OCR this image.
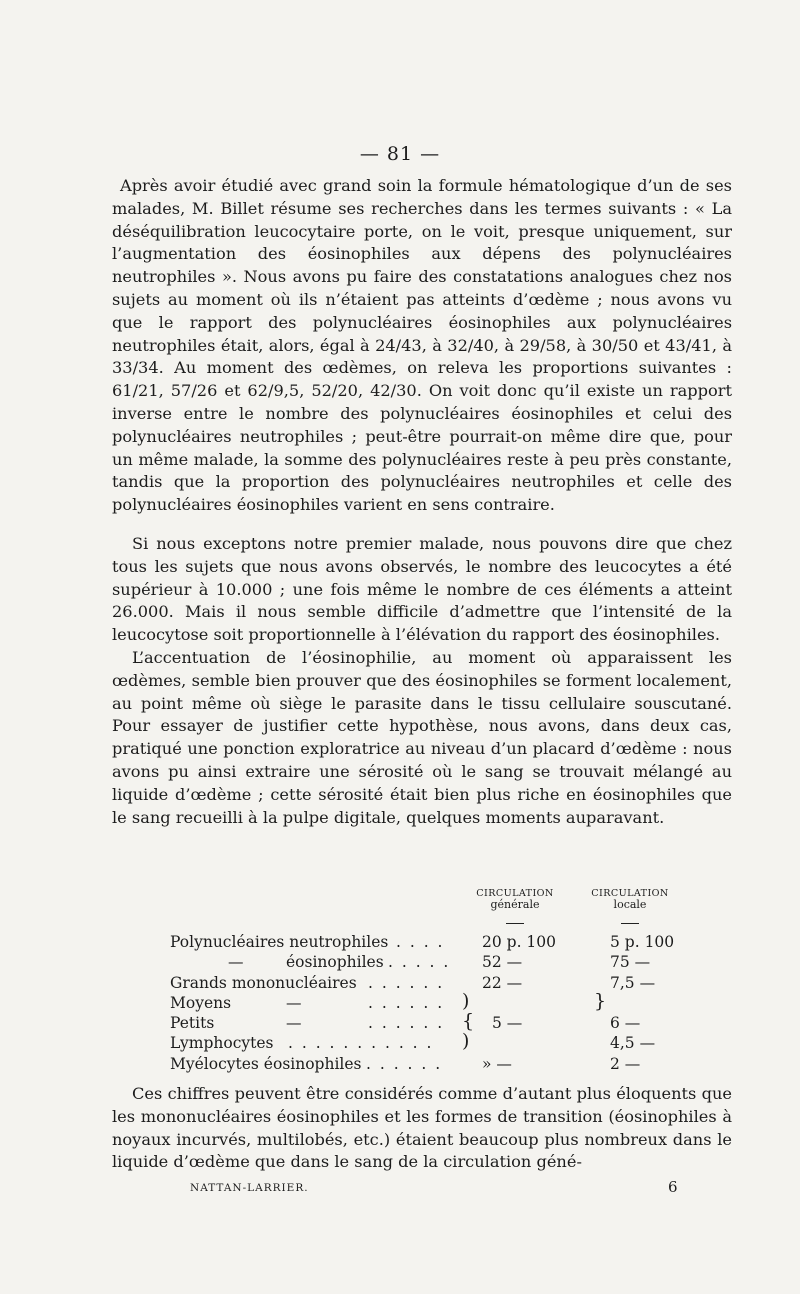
— 81 —

Après avoir étudié avec grand soin la formule hématologique d’un de ses malades, M. Billet résume ses recherches dans les termes suivants : « La déséquilibration leucocytaire porte, on le voit, presque uniquement, sur l’augmentation des éosinophiles aux dépens des polynucléaires neutrophiles ». Nous avons pu faire des constatations analogues chez nos sujets au moment où ils n’étaient pas atteints d’œdème ; nous avons vu que le rapport des polynucléaires éosinophiles aux polynucléaires neutrophiles était, alors, égal à 24/43, à 32/40, à 29/58, à 30/50 et 43/41, à 33/34. Au moment des œdèmes, on releva les proportions suivantes : 61/21, 57/26 et 62/9,5, 52/20, 42/30. On voit donc qu’il existe un rapport inverse entre le nombre des polynucléaires éosinophiles et celui des polynucléaires neutrophiles ; peut-être pourrait-on même dire que, pour un même malade, la somme des polynucléaires reste à peu près constante, tandis que la proportion des polynucléaires neutrophiles et celle des polynucléaires éosinophiles varient en sens contraire.

Si nous exceptons notre premier malade, nous pouvons dire que chez tous les sujets que nous avons observés, le nombre des leucocytes a été supérieur à 10.000 ; une fois même le nombre de ces éléments a atteint 26.000. Mais il nous semble difficile d’admettre que l’intensité de la leucocytose soit proportionnelle à l’élévation du rapport des éosinophiles.

L’accentuation de l’éosinophilie, au moment où apparaissent les œdèmes, semble bien prouver que des éosinophiles se forment localement, au point même où siège le parasite dans le tissu cellulaire souscutané. Pour essayer de justifier cette hypothèse, nous avons, dans deux cas, pratiqué une ponction exploratrice au niveau d’un placard d’œdème : nous avons pu ainsi extraire une sérosité où le sang se trouvait mélangé au liquide d’œdème ; cette sérosité était bien plus riche en éosinophiles que le sang recueilli à la pulpe digitale, quelques moments auparavant.

CIRCULATION
générale
CIRCULATION
locale
Polynucléaires neutrophiles . . . . 20 p. 100	5 p. 100
—	éosinophiles . . . . . 52 —	75 —
Grands mononucléaires . . . . . . 22 —	7,5 —
Moyens	—	. . . . . . )	}
Petits	—	. . . . . . { 5 —	6 —
Lymphocytes . . . . . . . . . . . )	4,5 —
Myélocytes éosinophiles . . . . . .	» —	2 —

Ces chiffres peuvent être considérés comme d’autant plus éloquents que les mononucléaires éosinophiles et les formes de transition (éosinophiles à noyaux incurvés, multilobés, etc.) étaient beaucoup plus nombreux dans le liquide d’œdème que dans le sang de la circulation géné-

NATTAN-LARRIER.	6
